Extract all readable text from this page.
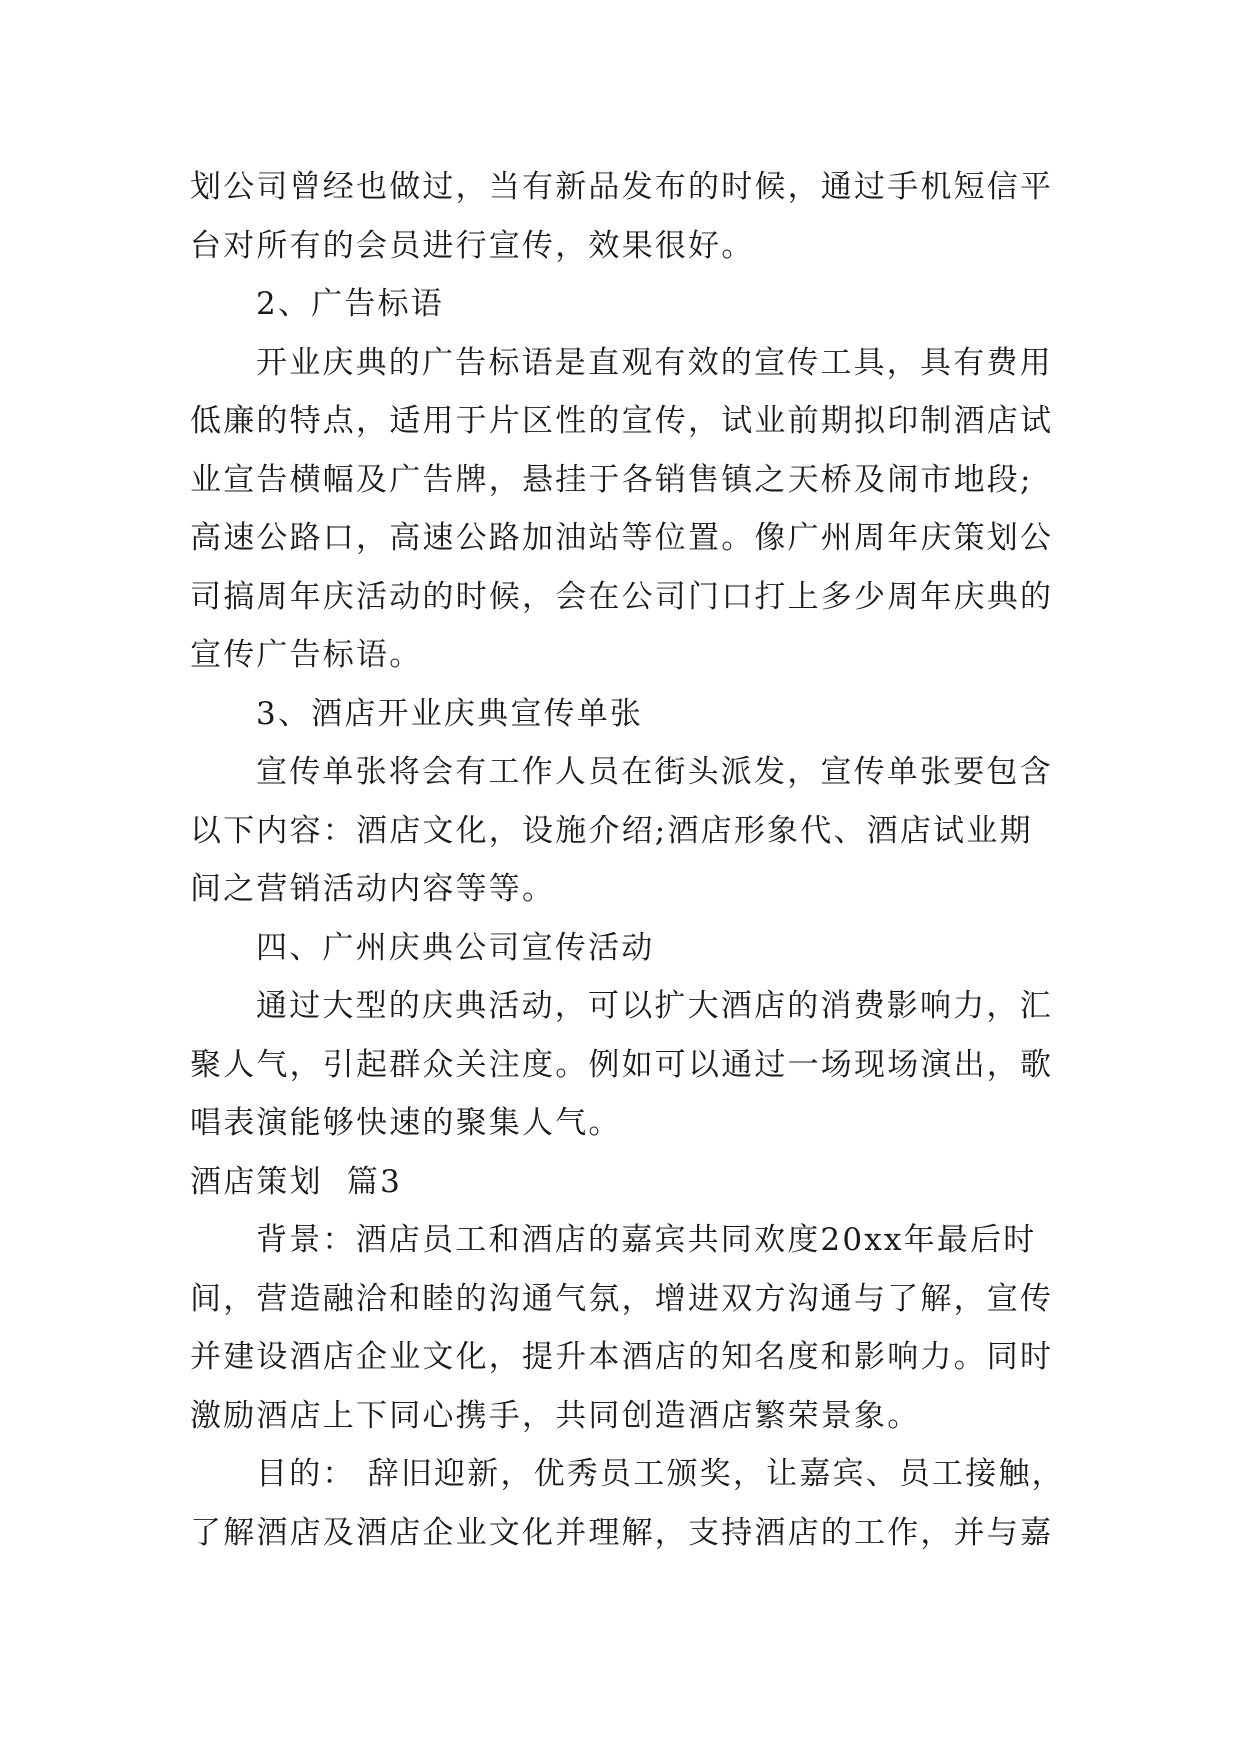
划公司曾经也做过，当有新品发布的时候，通过手机短信平
台对所有的会员进行宣传，效果很好。

2、广告标语

开业庆典的广告标语是直观有效的宣传工具，具有费用
低廉的特点，适用于片区性的宣传，试业前期拟印制酒店试
业宣告横幅及广告牌，悬挂于各销售镇之天桥及闹市地段;
高速公路口，高速公路加油站等位置。像广州周年庆策划公
司搞周年庆活动的时候，会在公司门口打上多少周年庆典的
宣传广告标语。

3、酒店开业庆典宣传单张

宣传单张将会有工作人员在街头派发，宣传单张要包含
以下内容：酒店文化，设施介绍;酒店形象代、酒店试业期
间之营销活动内容等等。

四、广州庆典公司宣传活动

通过大型的庆典活动，可以扩大酒店的消费影响力，汇
聚人气，引起群众关注度。例如可以通过一场现场演出，歌
唱表演能够快速的聚集人气。

酒店策划  篇3

背景：酒店员工和酒店的嘉宾共同欢度20xx年最后时
间，营造融洽和睦的沟通气氛，增进双方沟通与了解，宣传
并建设酒店企业文化，提升本酒店的知名度和影响力。同时
激励酒店上下同心携手，共同创造酒店繁荣景象。

目的： 辞旧迎新，优秀员工颁奖，让嘉宾、员工接触，
了解酒店及酒店企业文化并理解，支持酒店的工作，并与嘉
